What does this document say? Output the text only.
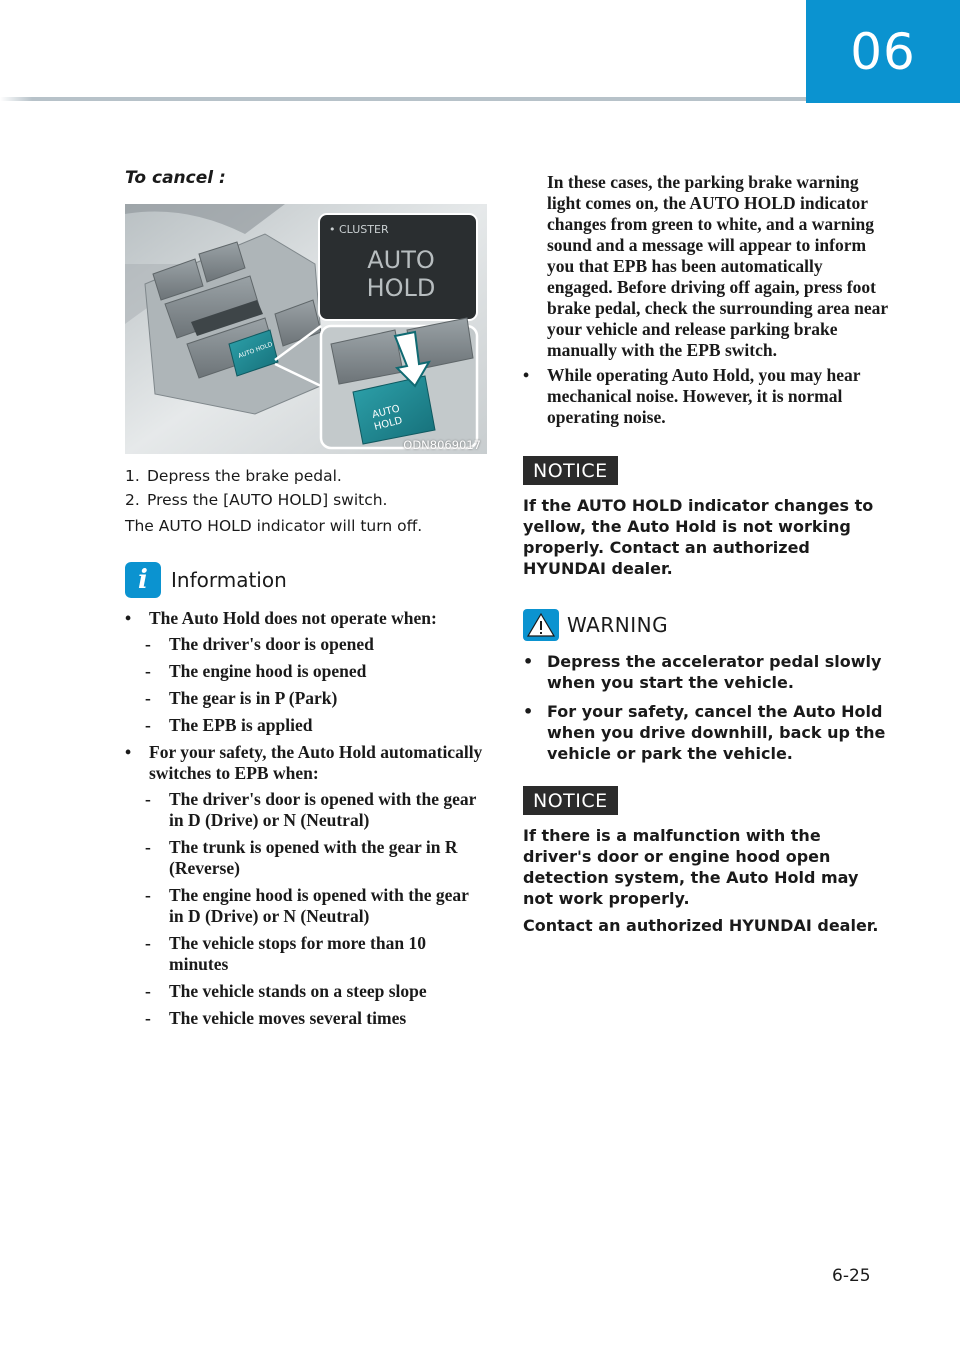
06
To cancel :
AUTO HOLD
• CLUSTER
AUTO
HOLD
AUTO
HOLD
ODN8069017
1. Depress the brake pedal.
2. Press the [AUTO HOLD] switch.
The AUTO HOLD indicator will turn off.
i	Information
•	The Auto Hold does not operate when:
-	The driver's door is opened
-	The engine hood is opened
-	The gear is in P (Park)
-	The EPB is applied
•	For your safety, the Auto Hold automatically switches to EPB when:
-	The driver's door is opened with the gear in D (Drive) or N (Neutral)
-	The trunk is opened with the gear in R (Reverse)
-	The engine hood is opened with the gear in D (Drive) or N (Neutral)
-	The vehicle stops for more than 10 minutes
-	The vehicle stands on a steep slope
-	The vehicle moves several times
In these cases, the parking brake warning light comes on, the AUTO HOLD indicator changes from green to white, and a warning sound and a message will appear to inform you that EPB has been automatically engaged. Before driving off again, press foot brake pedal, check the surrounding area near your vehicle and release parking brake manually with the EPB switch.
•	While operating Auto Hold, you may hear mechanical noise. However, it is normal operating noise.
NOTICE
If the AUTO HOLD indicator changes to yellow, the Auto Hold is not working properly. Contact an authorized HYUNDAI dealer.
WARNING
• Depress the accelerator pedal slowly when you start the vehicle.
• For your safety, cancel the Auto Hold when you drive downhill, back up the vehicle or park the vehicle.
NOTICE
If there is a malfunction with the driver's door or engine hood open detection system, the Auto Hold may not work properly.
Contact an authorized HYUNDAI dealer.
6-25
